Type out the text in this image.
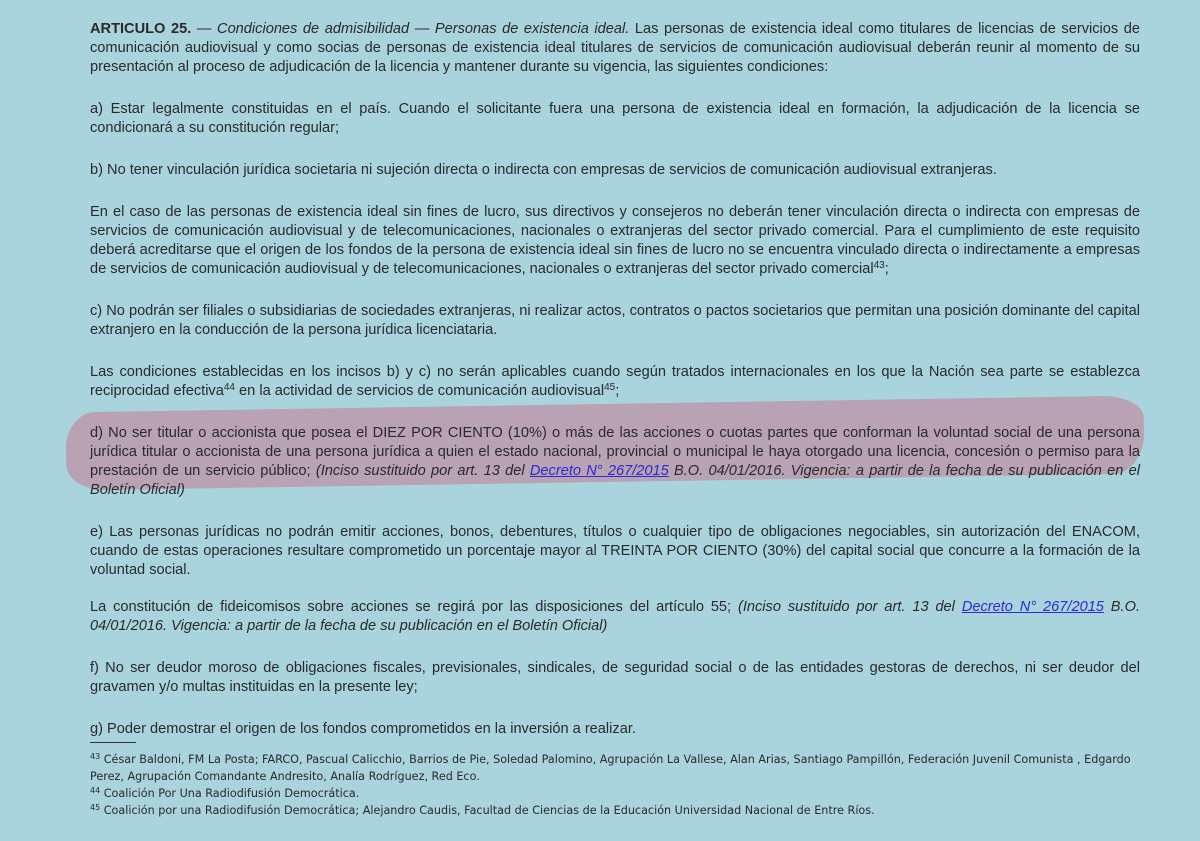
ARTICULO 25. — Condiciones de admisibilidad — Personas de existencia ideal. Las personas de existencia ideal como titulares de licencias de servicios de comunicación audiovisual y como socias de personas de existencia ideal titulares de servicios de comunicación audiovisual deberán reunir al momento de su presentación al proceso de adjudicación de la licencia y mantener durante su vigencia, las siguientes condiciones:

a) Estar legalmente constituidas en el país. Cuando el solicitante fuera una persona de existencia ideal en formación, la adjudicación de la licencia se condicionará a su constitución regular;

b) No tener vinculación jurídica societaria ni sujeción directa o indirecta con empresas de servicios de comunicación audiovisual extranjeras.

En el caso de las personas de existencia ideal sin fines de lucro, sus directivos y consejeros no deberán tener vinculación directa o indirecta con empresas de servicios de comunicación audiovisual y de telecomunicaciones, nacionales o extranjeras del sector privado comercial. Para el cumplimiento de este requisito deberá acreditarse que el origen de los fondos de la persona de existencia ideal sin fines de lucro no se encuentra vinculado directa o indirectamente a empresas de servicios de comunicación audiovisual y de telecomunicaciones, nacionales o extranjeras del sector privado comercial$^{43}$;

c) No podrán ser filiales o subsidiarias de sociedades extranjeras, ni realizar actos, contratos o pactos societarios que permitan una posición dominante del capital extranjero en la conducción de la persona jurídica licenciataria.

Las condiciones establecidas en los incisos b) y c) no serán aplicables cuando según tratados internacionales en los que la Nación sea parte se establezca reciprocidad efectiva$^{44}$ en la actividad de servicios de comunicación audiovisual$^{45}$;

d) No ser titular o accionista que posea el DIEZ POR CIENTO (10%) o más de las acciones o cuotas partes que conforman la voluntad social de una persona jurídica titular o accionista de una persona jurídica a quien el estado nacional, provincial o municipal le haya otorgado una licencia, concesión o permiso para la prestación de un servicio público; (Inciso sustituido por art. 13 del Decreto N° 267/2015 B.O. 04/01/2016. Vigencia: a partir de la fecha de su publicación en el Boletín Oficial)

e) Las personas jurídicas no podrán emitir acciones, bonos, debentures, títulos o cualquier tipo de obligaciones negociables, sin autorización del ENACOM, cuando de estas operaciones resultare comprometido un porcentaje mayor al TREINTA POR CIENTO (30%) del capital social que concurre a la formación de la voluntad social.

La constitución de fideicomisos sobre acciones se regirá por las disposiciones del artículo 55; (Inciso sustituido por art. 13 del Decreto N° 267/2015 B.O. 04/01/2016. Vigencia: a partir de la fecha de su publicación en el Boletín Oficial)

f) No ser deudor moroso de obligaciones fiscales, previsionales, sindicales, de seguridad social o de las entidades gestoras de derechos, ni ser deudor del gravamen y/o multas instituidas en la presente ley;

g) Poder demostrar el origen de los fondos comprometidos en la inversión a realizar.

$^{43}$ César Baldoni, FM La Posta; FARCO, Pascual Calicchio, Barrios de Pie, Soledad Palomino, Agrupación La Vallese, Alan Arias, Santiago Pampillón, Federación Juvenil Comunista , Edgardo Perez, Agrupación Comandante Andresito, Analía Rodríguez, Red Eco.
$^{44}$ Coalición Por Una Radiodifusión Democrática.
$^{45}$ Coalición por una Radiodifusión Democrática; Alejandro Caudis, Facultad de Ciencias de la Educación Universidad Nacional de Entre Ríos.
